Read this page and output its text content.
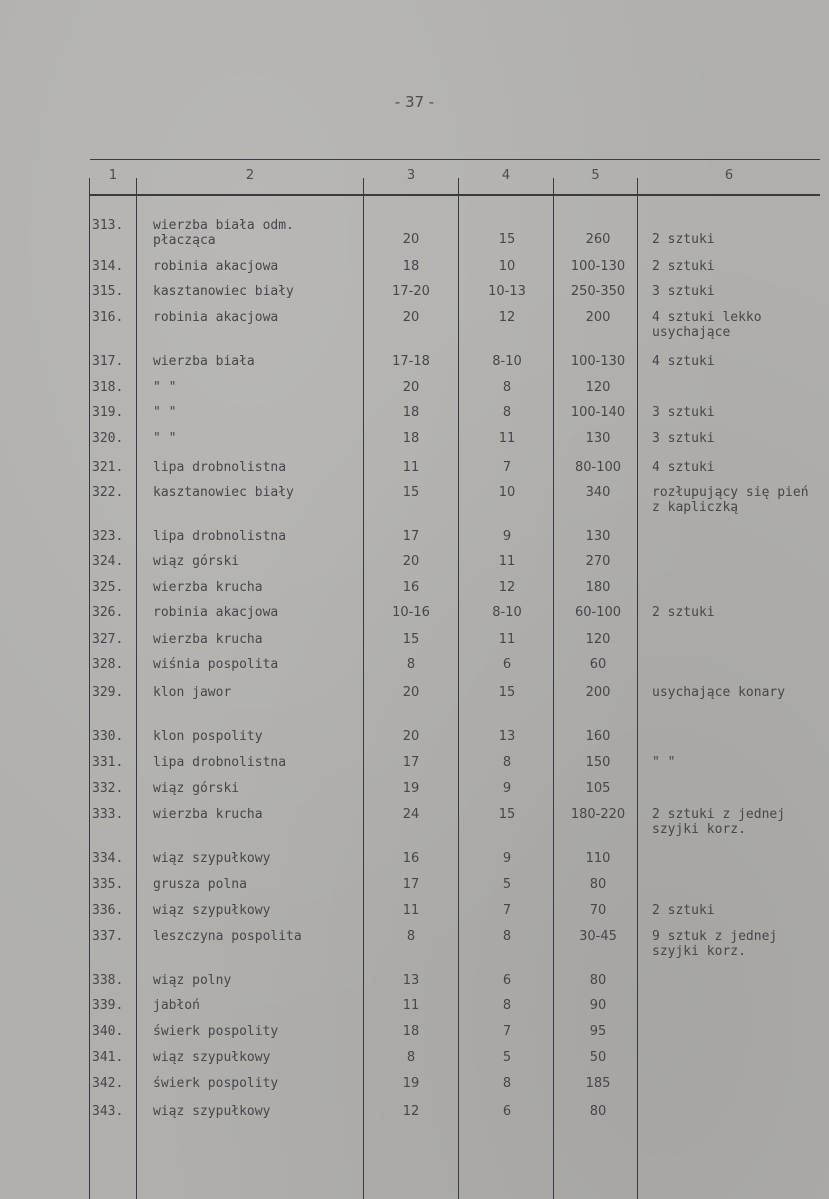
- 37 -
1	2	3	4	5	6
313.	wierzba biała odm. płacząca	20	15	260	2 sztuki
314.	robinia akacjowa	18	10	100-130	2 sztuki
315.	kasztanowiec biały	17-20	10-13	250-350	3 sztuki
316.	robinia akacjowa	20	12	200	4 sztuki lekko usychające
317.	wierzba biała	17-18	8-10	100-130	4 sztuki
318.	" "	20	8	120
319.	" "	18	8	100-140	3 sztuki
320.	" "	18	11	130	3 sztuki
321.	lipa drobnolistna	11	7	80-100	4 sztuki
322.	kasztanowiec biały	15	10	340	rozłupujący się pień z kapliczką
323.	lipa drobnolistna	17	9	130
324.	wiąz górski	20	11	270
325.	wierzba krucha	16	12	180
326.	robinia akacjowa	10-16	8-10	60-100	2 sztuki
327.	wierzba krucha	15	11	120
328.	wiśnia pospolita	8	6	60
329.	klon jawor	20	15	200	usychające konary
330.	klon pospolity	20	13	160
331.	lipa drobnolistna	17	8	150	" "
332.	wiąz górski	19	9	105
333.	wierzba krucha	24	15	180-220	2 sztuki z jednej szyjki korz.
334.	wiąz szypułkowy	16	9	110
335.	grusza polna	17	5	80
336.	wiąz szypułkowy	11	7	70	2 sztuki
337.	leszczyna pospolita	8	8	30-45	9 sztuk z jednej szyjki korz.
338.	wiąz polny	13	6	80
339.	jabłoń	11	8	90
340.	świerk pospolity	18	7	95
341.	wiąz szypułkowy	8	5	50
342.	świerk pospolity	19	8	185
343.	wiąz szypułkowy	12	6	80
